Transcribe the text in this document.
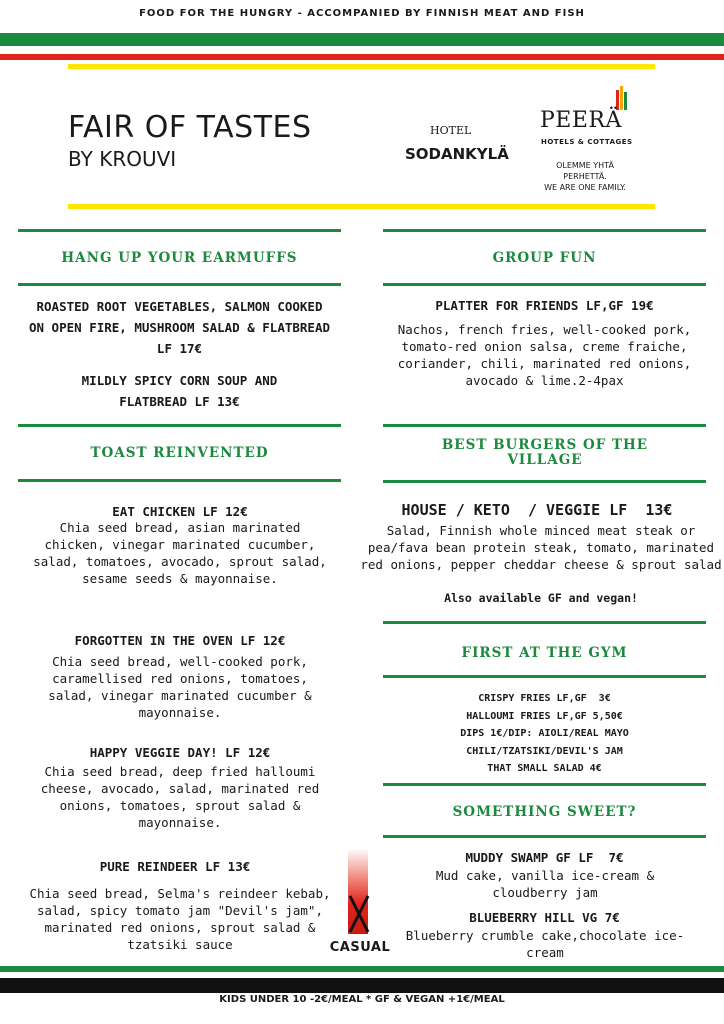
FOOD FOR THE HUNGRY - ACCOMPANIED BY FINNISH MEAT AND FISH
FAIR OF TASTES
BY KROUVI
HOTEL
SODANKYLÄ
PEERÄ
HOTELS & COTTAGES
OLEMME YHTÄ PERHETTÄ.
WE ARE ONE FAMILY.
HANG UP YOUR EARMUFFS
ROASTED ROOT VEGETABLES, SALMON COOKED ON OPEN FIRE, MUSHROOM SALAD & FLATBREAD LF 17€
MILDLY SPICY CORN SOUP AND FLATBREAD LF 13€
TOAST REINVENTED
EAT CHICKEN LF 12€
Chia seed bread, asian marinated chicken, vinegar marinated cucumber, salad, tomatoes, avocado, sprout salad, sesame seeds & mayonnaise.
FORGOTTEN IN THE OVEN LF 12€
Chia seed bread, well-cooked pork, caramellised red onions, tomatoes, salad, vinegar marinated cucumber & mayonnaise.
HAPPY VEGGIE DAY! LF 12€
Chia seed bread, deep fried halloumi cheese, avocado, salad, marinated red onions, tomatoes, sprout salad & mayonnaise.
PURE REINDEER LF 13€
Chia seed bread, Selma's reindeer kebab, salad, spicy tomato jam "Devil's jam", marinated red onions, sprout salad & tzatsiki sauce	CASUAL
GROUP FUN
PLATTER FOR FRIENDS LF,GF 19€
Nachos, french fries, well-cooked pork, tomato-red onion salsa, creme fraiche, coriander, chili, marinated red onions, avocado & lime.2-4pax
BEST BURGERS OF THE VILLAGE
HOUSE / KETO  / VEGGIE LF  13€
Salad, Finnish whole minced meat steak or pea/fava bean protein steak, tomato, marinated red onions, pepper cheddar cheese & sprout salad
Also available GF and vegan!
FIRST AT THE GYM
CRISPY FRIES LF,GF  3€
HALLOUMI FRIES LF,GF 5,50€
DIPS 1€/DIP: AIOLI/REAL MAYO
CHILI/TZATSIKI/DEVIL'S JAM
THAT SMALL SALAD 4€
SOMETHING SWEET?
MUDDY SWAMP GF LF  7€
Mud cake, vanilla ice-cream & cloudberry jam
BLUEBERRY HILL VG 7€
Blueberry crumble cake,chocolate ice-cream
KIDS UNDER 10 -2€/MEAL * GF & VEGAN +1€/MEAL
